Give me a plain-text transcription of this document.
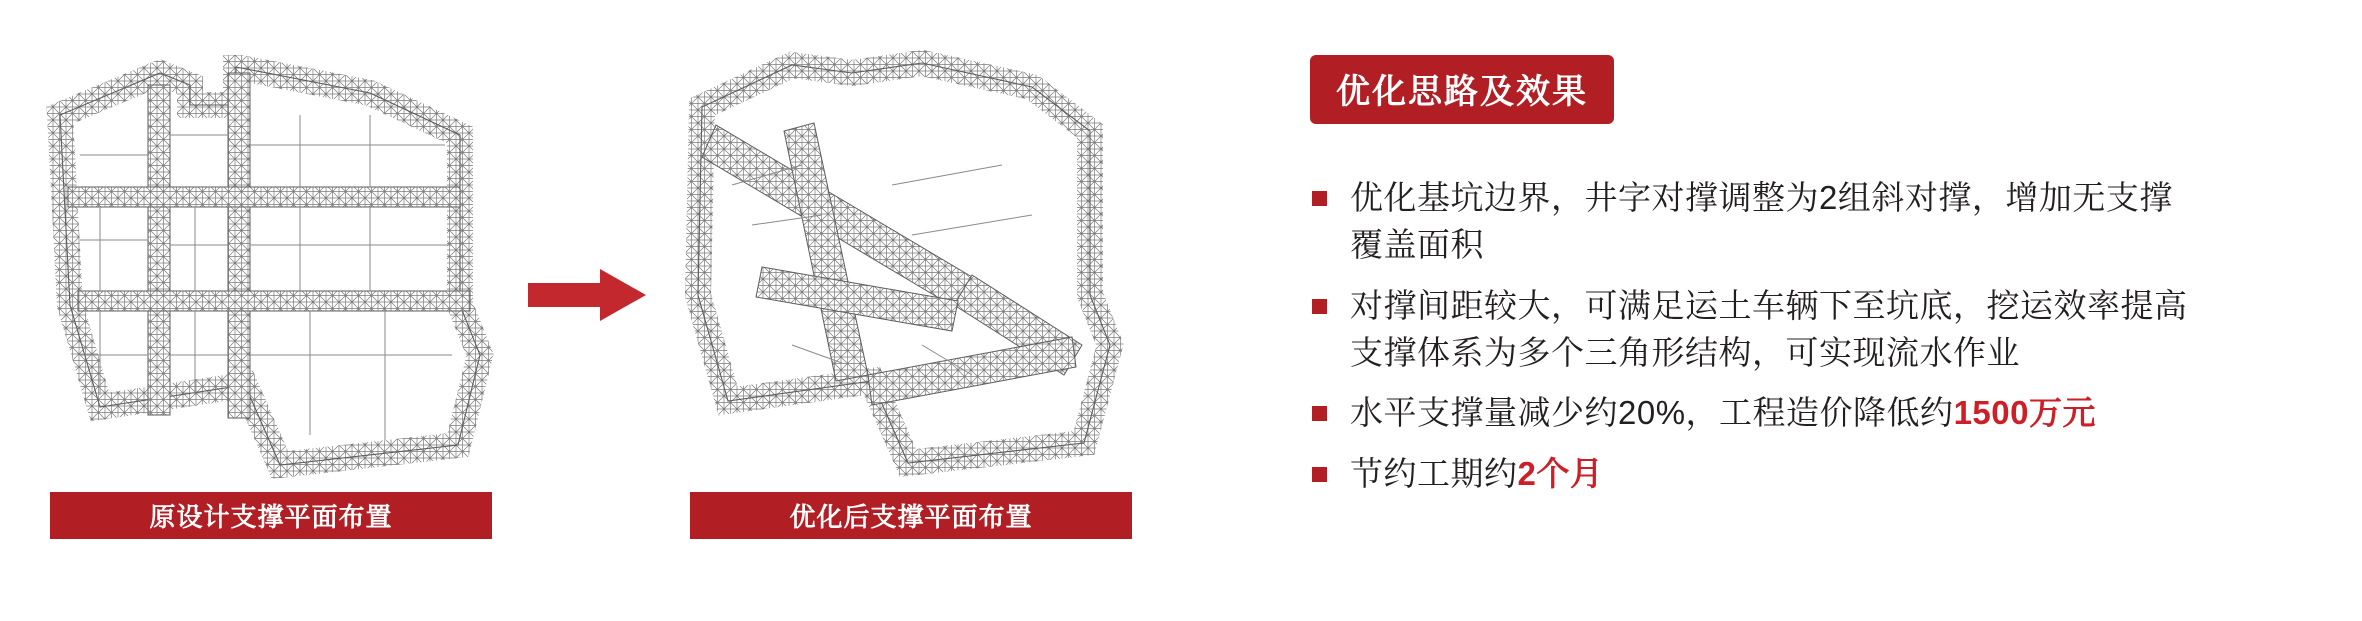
原设计支撑平面布置	优化后支撑平面布置
优化思路及效果
优化基坑边界，井字对撑调整为2组斜对撑，增加无支撑
覆盖面积
对撑间距较大，可满足运土车辆下至坑底，挖运效率提高
支撑体系为多个三角形结构，可实现流水作业
水平支撑量减少约20%，工程造价降低约1500万元
节约工期约2个月
